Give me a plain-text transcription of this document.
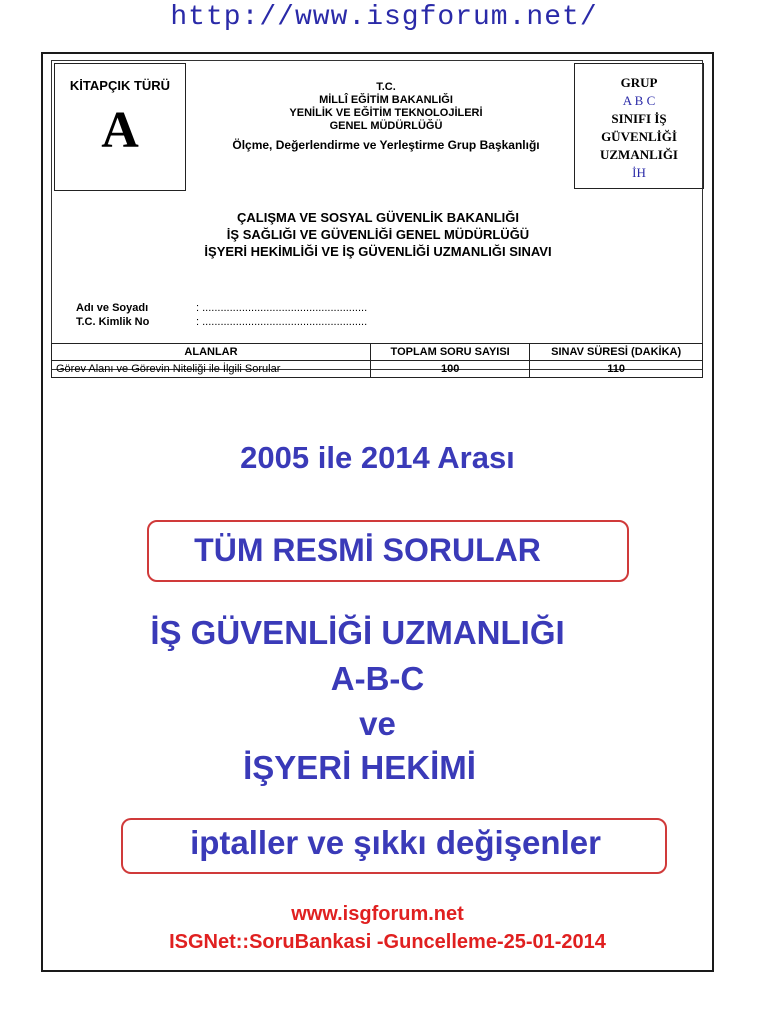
http://www.isgforum.net/
KİTAPÇIK TÜRÜ
A
T.C.
MİLLÎ EĞİTİM BAKANLIĞI
YENİLİK VE EĞİTİM TEKNOLOJİLERİ
GENEL MÜDÜRLÜĞÜ
Ölçme, Değerlendirme ve Yerleştirme Grup Başkanlığı
GRUP
A B C
SINIFI İŞ
GÜVENLİĞİ
UZMANLIĞI
İH
ÇALIŞMA VE SOSYAL GÜVENLİK BAKANLIĞI
İŞ SAĞLIĞI VE GÜVENLİĞİ GENEL MÜDÜRLÜĞÜ
İŞYERİ HEKİMLİĞİ VE İŞ GÜVENLİĞİ UZMANLIĞI SINAVI
Adı ve Soyadı	: ......................................................
T.C. Kimlik No	: ......................................................
ALANLAR	TOPLAM SORU SAYISI	SINAV SÜRESİ (DAKİKA)
Görev Alanı ve Görevin Niteliği ile İlgili Sorular	100	110
2005 ile 2014 Arası
TÜM RESMİ SORULAR
İŞ GÜVENLİĞİ UZMANLIĞI
A-B-C
ve
İŞYERİ HEKİMİ
iptaller ve şıkkı değişenler
www.isgforum.net
ISGNet::SoruBankasi -Guncelleme-25-01-2014
